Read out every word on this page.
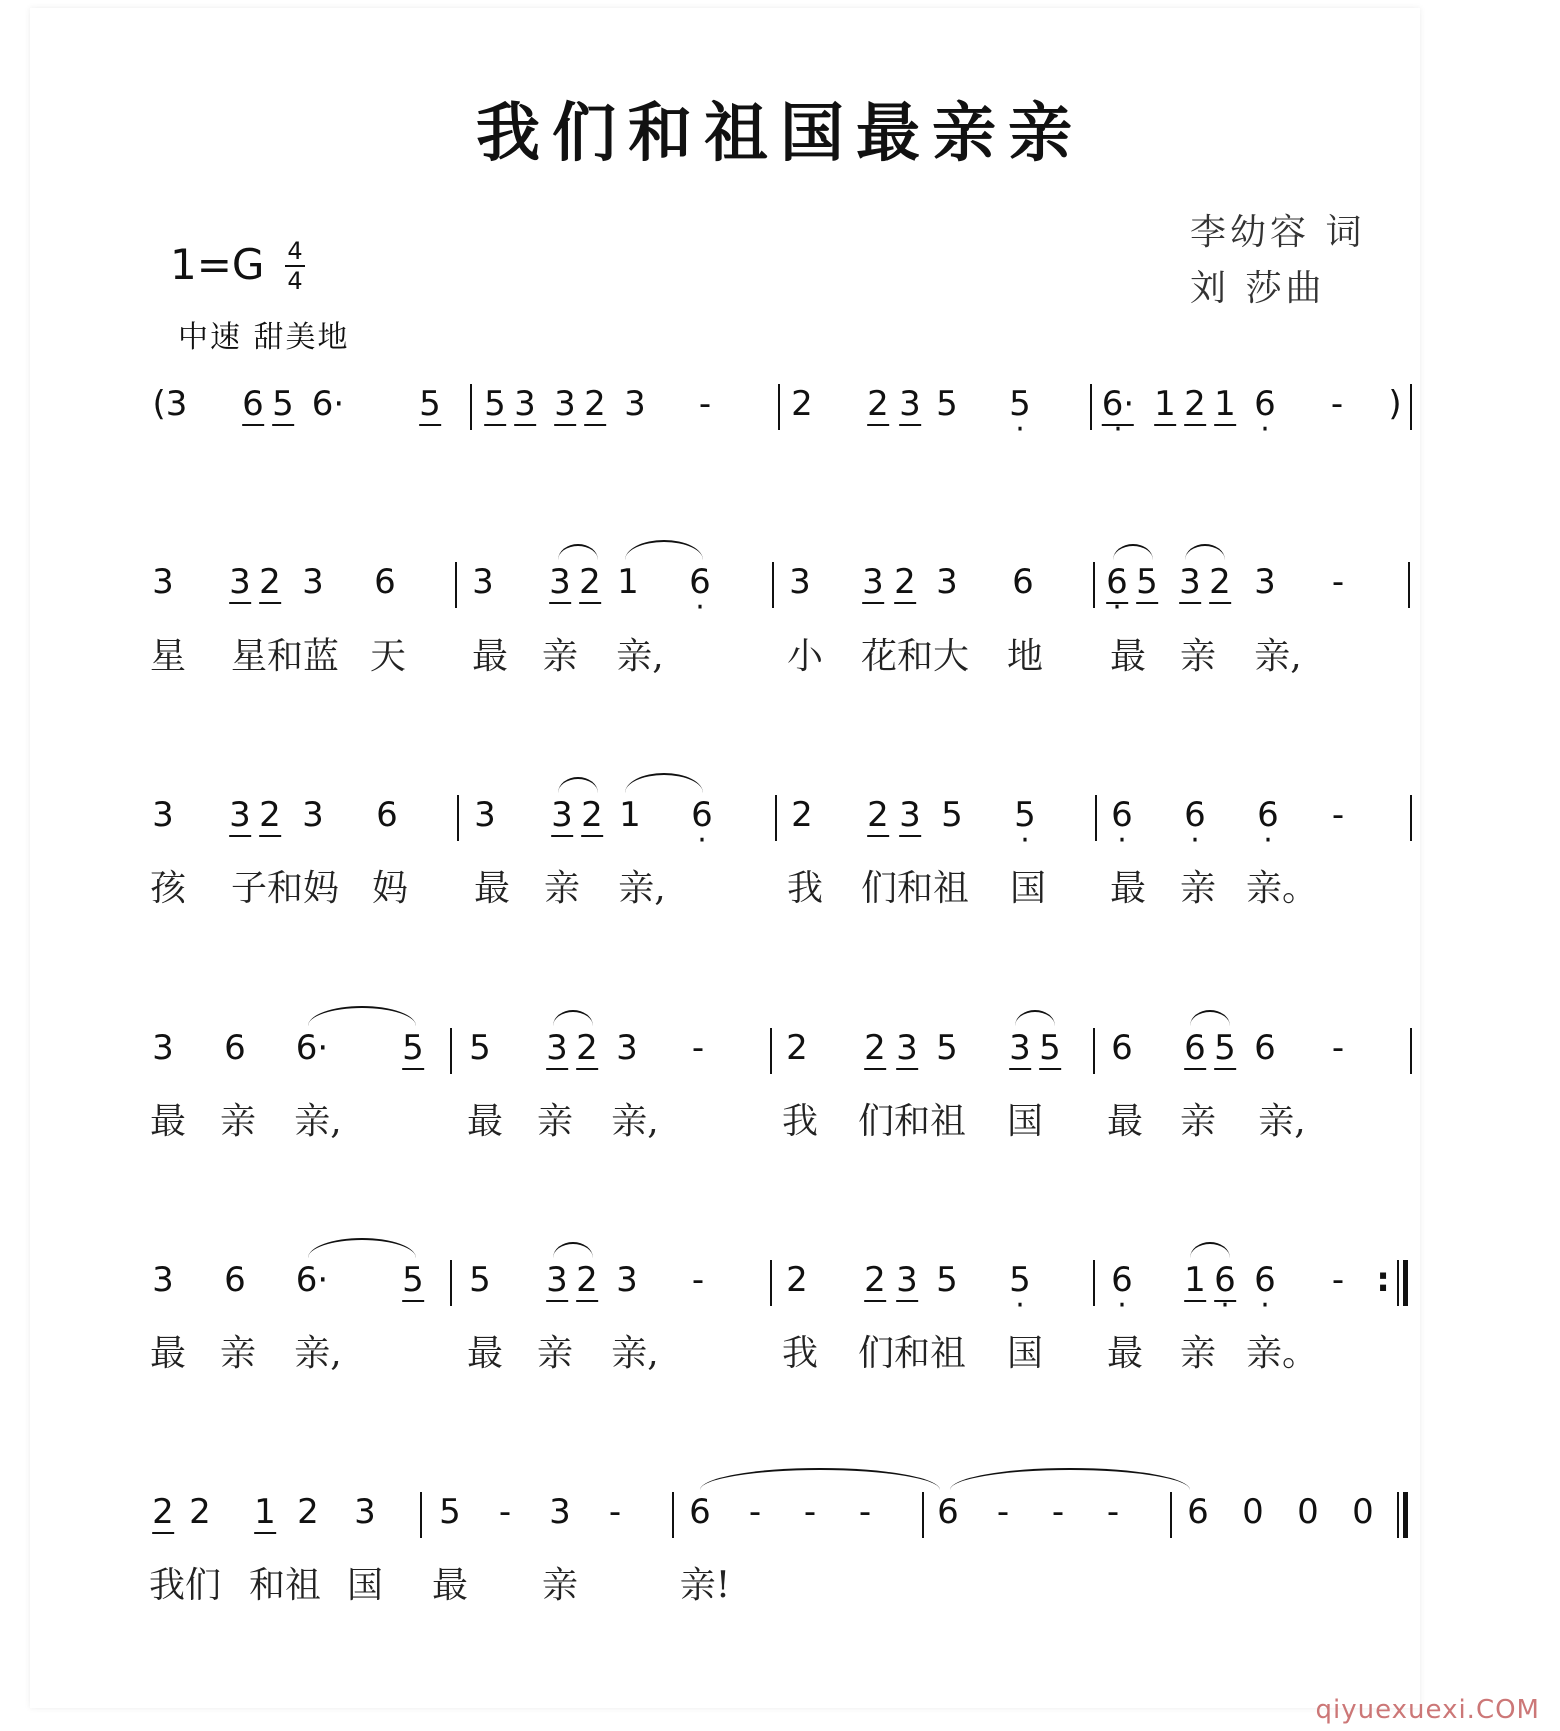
我们和祖国最亲亲
李幼容 词
刘 莎曲
1=G 4
4
中速 甜美地
(3 6 5 6· 5 5 3 3 2 3 - 2 2 3 5 5 · 6· · 1 2 1 6 · - )
3 3 2 3 6 3 3 2 1 6 · 3 3 2 3 6 6 · 5 3 2 3 -
星 星和蓝 天 最 亲 亲,	小 花和大 地 最 亲 亲,
3 3 2 3 6 3 3 2 1 6 · 2 2 3 5 5 · 6 · 6 · 6 · -
孩 子和妈 妈 最 亲 亲,	我 们和祖 国 最 亲 亲。
3 6 6· 5 5 3 2 3 - 2 2 3 5 3 5 6 6 5 6 -
最 亲 亲,	最 亲 亲,	我 们和祖 国 最 亲 亲,
3 6 6· 5 5 3 2 3 - 2 2 3 5 5 · 6 · 1 6 · 6 · - :
最 亲 亲,	最 亲 亲,	我 们和祖 国 最 亲 亲。
2 2 1 2 3 5 - 3 - 6 - - - 6 - - - 6 0 0 0
我们 和祖 国 最 亲	亲!
qiyuexuexi.COM
